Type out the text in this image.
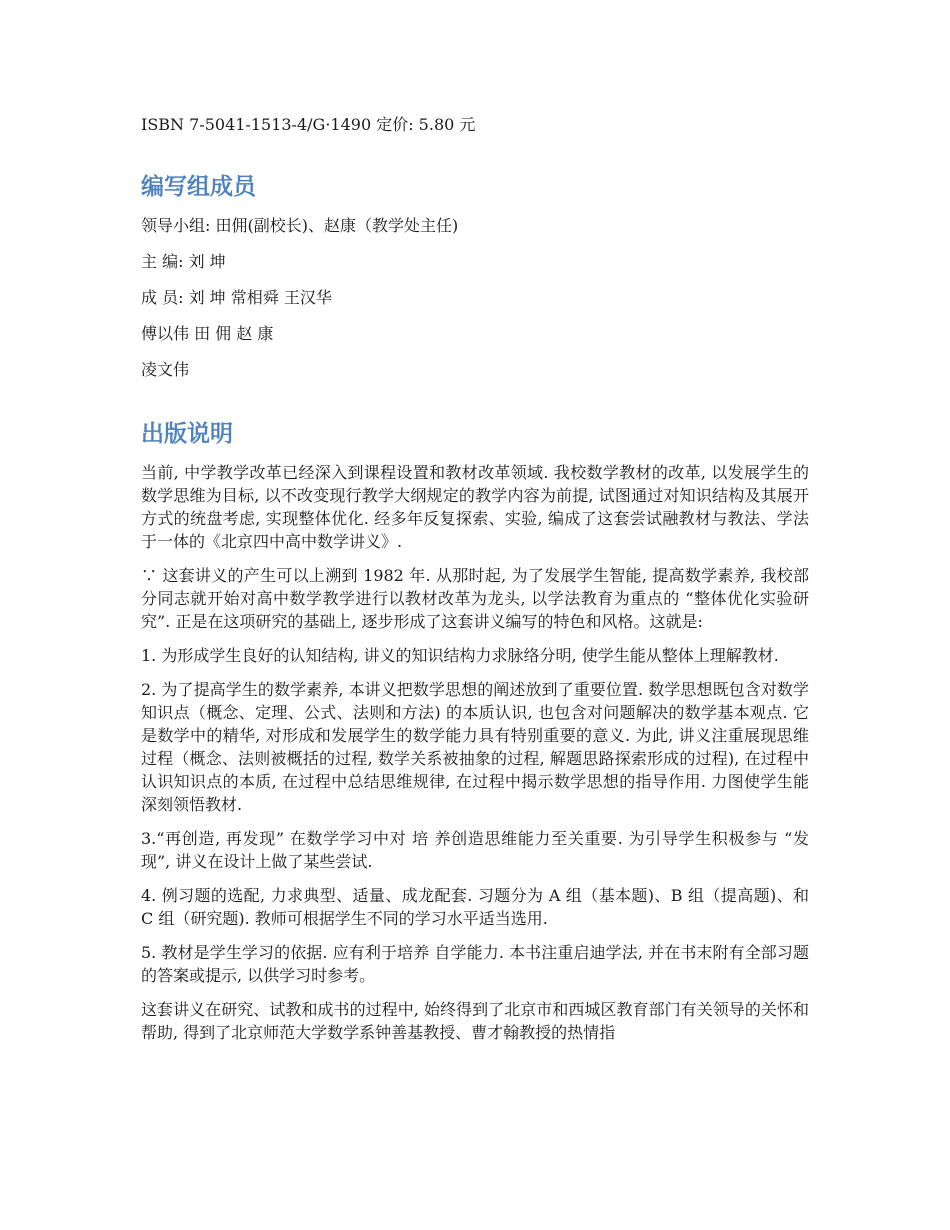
ISBN 7-5041-1513-4/G·1490 定价: 5.80 元
编写组成员
领导小组: 田佣(副校长)、赵康（教学处主任)
主 编: 刘 坤
成 员: 刘 坤 常相舜 王汉华
傅以伟 田 佣 赵 康
凌文伟
出版说明

当前, 中学教学改革已经深入到课程设置和教材改革领域. 我校数学教材的改革, 以发展学生的数学思维为目标, 以不改变现行教学大纲规定的教学内容为前提, 试图通过对知识结构及其展开方式的统盘考虑, 实现整体优化. 经多年反复探索、实验, 编成了这套尝试融教材与教法、学法于一体的《北京四中高中数学讲义》.

∵ 这套讲义的产生可以上溯到 1982 年. 从那时起, 为了发展学生智能, 提高数学素养, 我校部分同志就开始对高中数学教学进行以教材改革为龙头, 以学法教育为重点的 “整体优化实验研究”. 正是在这项研究的基础上, 逐步形成了这套讲义编写的特色和风格。这就是:

1. 为形成学生良好的认知结构, 讲义的知识结构力求脉络分明, 使学生能从整体上理解教材.

2. 为了提高学生的数学素养, 本讲义把数学思想的阐述放到了重要位置. 数学思想既包含对数学知识点（概念、定理、公式、法则和方法) 的本质认识, 也包含对问题解决的数学基本观点. 它是数学中的精华, 对形成和发展学生的数学能力具有特别重要的意义. 为此, 讲义注重展现思维过程（概念、法则被概括的过程, 数学关系被抽象的过程, 解题思路探索形成的过程), 在过程中认识知识点的本质, 在过程中总结思维规律, 在过程中揭示数学思想的指导作用. 力图使学生能深刻领悟教材.

3.“再创造, 再发现” 在数学学习中对 培 养创造思维能力至关重要. 为引导学生积极参与 “发现”, 讲义在设计上做了某些尝试.

4. 例习题的选配, 力求典型、适量、成龙配套. 习题分为 A 组（基本题)、B 组（提高题)、和 C 组（研究题). 教师可根据学生不同的学习水平适当选用.

5. 教材是学生学习的依据. 应有利于培养 自学能力. 本书注重启迪学法, 并在书末附有全部习题的答案或提示, 以供学习时参考。

这套讲义在研究、试教和成书的过程中, 始终得到了北京市和西城区教育部门有关领导的关怀和帮助, 得到了北京师范大学数学系钟善基教授、曹才翰教授的热情指
